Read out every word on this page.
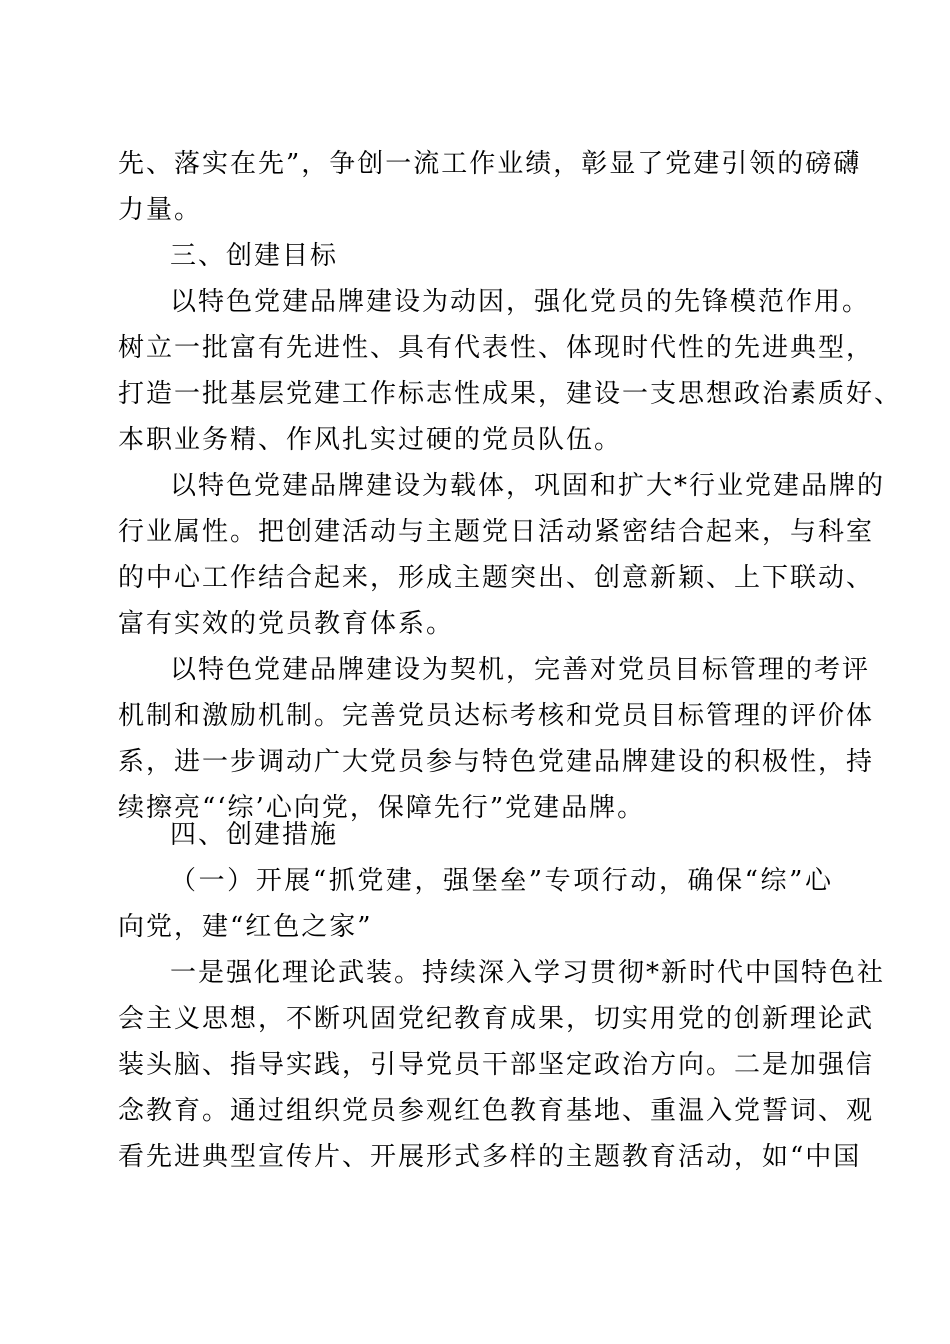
先、落实在先”，争创一流工作业绩，彰显了党建引领的磅礴
力量。
三、创建目标
以特色党建品牌建设为动因，强化党员的先锋模范作用。
树立一批富有先进性、具有代表性、体现时代性的先进典型，
打造一批基层党建工作标志性成果，建设一支思想政治素质好、
本职业务精、作风扎实过硬的党员队伍。
以特色党建品牌建设为载体，巩固和扩大*行业党建品牌的
行业属性。把创建活动与主题党日活动紧密结合起来，与科室
的中心工作结合起来，形成主题突出、创意新颖、上下联动、
富有实效的党员教育体系。
以特色党建品牌建设为契机，完善对党员目标管理的考评
机制和激励机制。完善党员达标考核和党员目标管理的评价体
系，进一步调动广大党员参与特色党建品牌建设的积极性，持
续擦亮“‘综’心向党，保障先行”党建品牌。
四、创建措施
（一）开展“抓党建，强堡垒”专项行动，确保“综”心
向党，建“红色之家”
一是强化理论武装。持续深入学习贯彻*新时代中国特色社
会主义思想，不断巩固党纪教育成果，切实用党的创新理论武
装头脑、指导实践，引导党员干部坚定政治方向。二是加强信
念教育。通过组织党员参观红色教育基地、重温入党誓词、观
看先进典型宣传片、开展形式多样的主题教育活动，如“中国
